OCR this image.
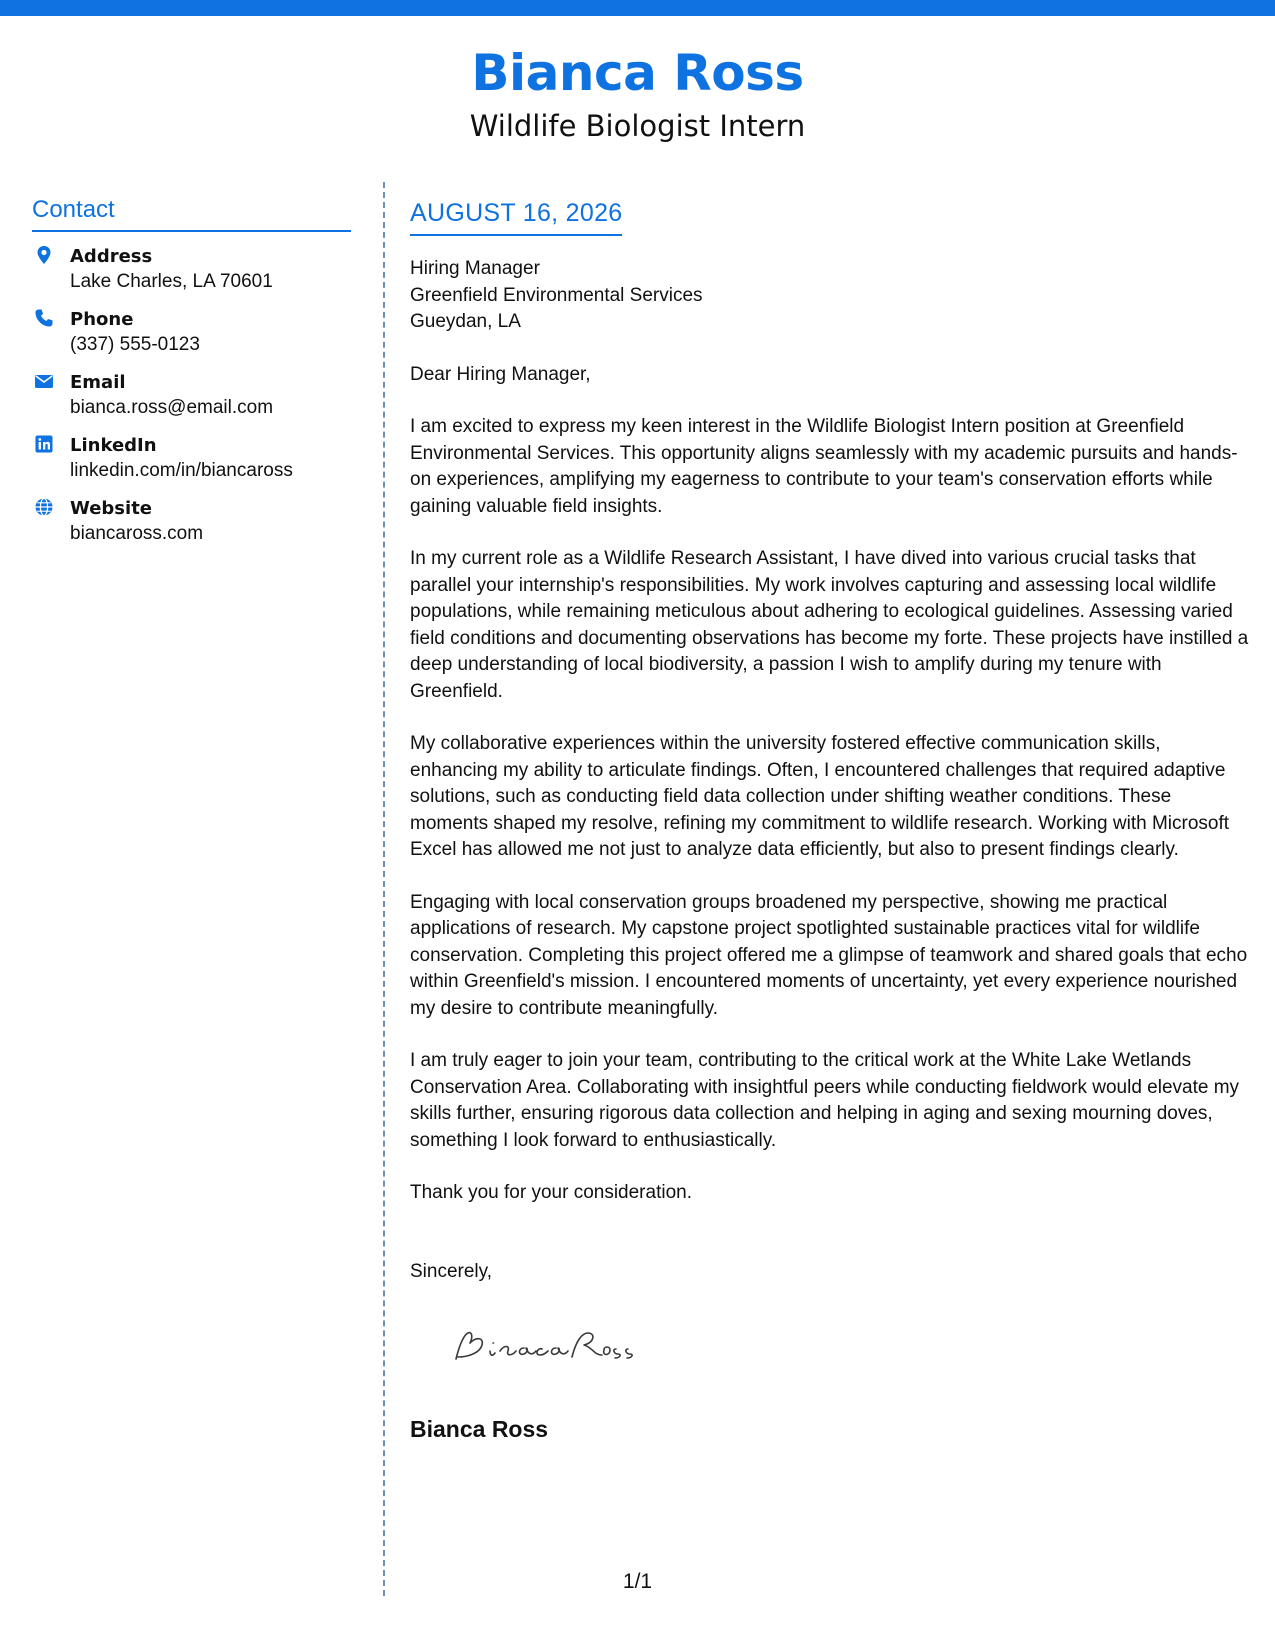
Bianca Ross
Wildlife Biologist Intern
Contact
Address
Lake Charles, LA 70601
Phone
(337) 555-0123
Email
bianca.ross@email.com
LinkedIn
linkedin.com/in/biancaross
Website
biancaross.com
AUGUST 16, 2026
Hiring Manager
Greenfield Environmental Services
Gueydan, LA
Dear Hiring Manager,
I am excited to express my keen interest in the Wildlife Biologist Intern position at Greenfield Environmental Services. This opportunity aligns seamlessly with my academic pursuits and hands-on experiences, amplifying my eagerness to contribute to your team's conservation efforts while gaining valuable field insights.
In my current role as a Wildlife Research Assistant, I have dived into various crucial tasks that parallel your internship's responsibilities. My work involves capturing and assessing local wildlife populations, while remaining meticulous about adhering to ecological guidelines. Assessing varied field conditions and documenting observations has become my forte. These projects have instilled a deep understanding of local biodiversity, a passion I wish to amplify during my tenure with Greenfield.
My collaborative experiences within the university fostered effective communication skills, enhancing my ability to articulate findings. Often, I encountered challenges that required adaptive solutions, such as conducting field data collection under shifting weather conditions. These moments shaped my resolve, refining my commitment to wildlife research. Working with Microsoft Excel has allowed me not just to analyze data efficiently, but also to present findings clearly.
Engaging with local conservation groups broadened my perspective, showing me practical applications of research. My capstone project spotlighted sustainable practices vital for wildlife conservation. Completing this project offered me a glimpse of teamwork and shared goals that echo within Greenfield's mission. I encountered moments of uncertainty, yet every experience nourished my desire to contribute meaningfully.
I am truly eager to join your team, contributing to the critical work at the White Lake Wetlands Conservation Area. Collaborating with insightful peers while conducting fieldwork would elevate my skills further, ensuring rigorous data collection and helping in aging and sexing mourning doves, something I look forward to enthusiastically.
Thank you for your consideration.
Sincerely,
Bianca Ross
1/1
